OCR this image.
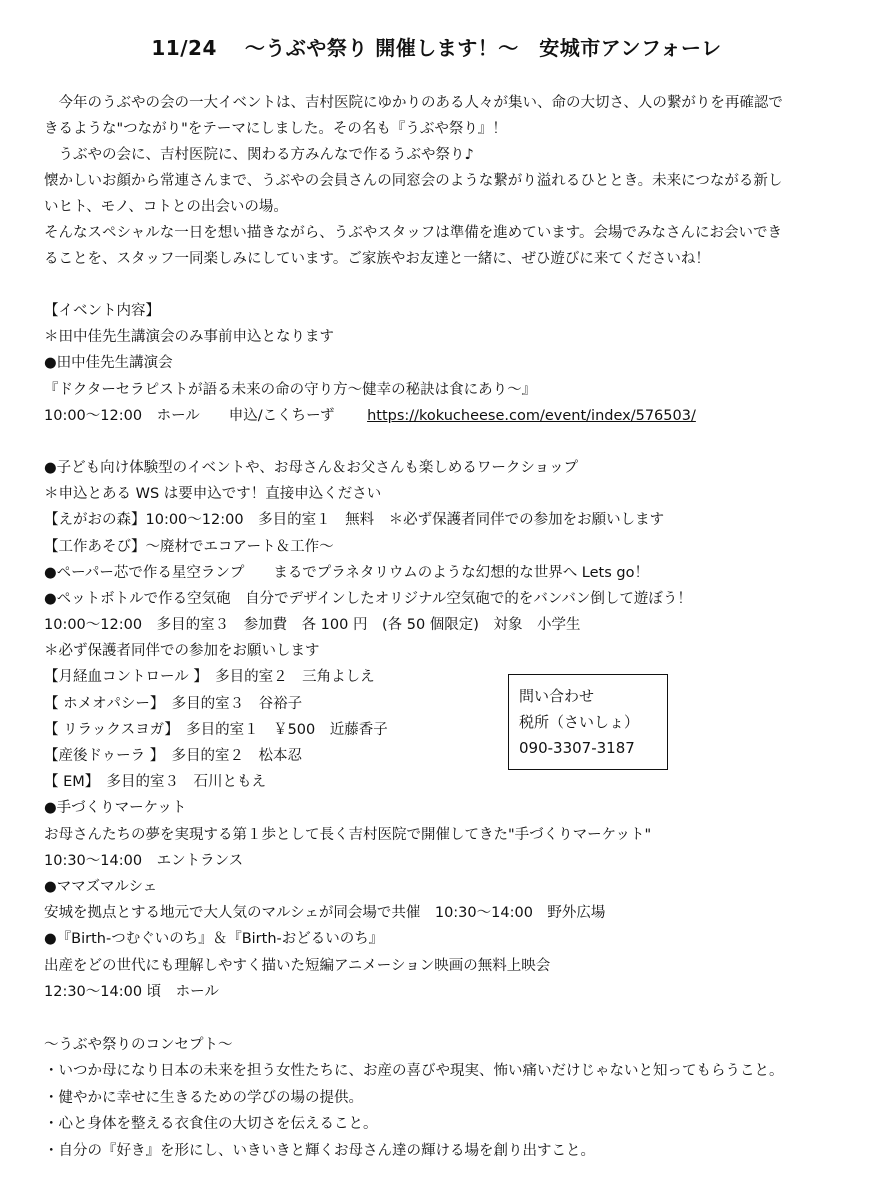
11/24　 ～うぶや祭り 開催します！～　安城市アンフォーレ
　今年のうぶやの会の一大イベントは、吉村医院にゆかりのある人々が集い、命の大切さ、人の繋がりを再確認で
きるような"つながり"をテーマにしました。その名も『うぶや祭り』！
　うぶやの会に、吉村医院に、関わる方みんなで作るうぶや祭り♪
懐かしいお顔から常連さんまで、うぶやの会員さんの同窓会のような繋がり溢れるひととき。未来につながる新し
いヒト、モノ、コトとの出会いの場。
そんなスペシャルな一日を想い描きながら、うぶやスタッフは準備を進めています。会場でみなさんにお会いでき
ることを、スタッフ一同楽しみにしています。ご家族やお友達と一緒に、ぜひ遊びに来てくださいね！
【イベント内容】
＊田中佳先生講演会のみ事前申込となります
●田中佳先生講演会
『ドクターセラピストが語る未来の命の守り方～健幸の秘訣は食にあり～』
10:00～12:00　ホール　　申込/こくちーず https://kokucheese.com/event/index/576503/
●子ども向け体験型のイベントや、お母さん＆お父さんも楽しめるワークショップ
＊申込とある WS は要申込です！直接申込ください
【えがおの森】10:00～12:00　多目的室１　無料　＊必ず保護者同伴での参加をお願いします
【工作あそび】～廃材でエコアート＆工作～
●ペーパー芯で作る星空ランプ　　まるでプラネタリウムのような幻想的な世界へ Lets go！
●ペットボトルで作る空気砲　自分でデザインしたオリジナル空気砲で的をバンバン倒して遊ぼう！
10:00～12:00　多目的室３　参加費　各 100 円　(各 50 個限定)　対象　小学生
＊必ず保護者同伴での参加をお願いします
【月経血コントロール 】　多目的室２　三角よしえ
【 ホメオパシー】　多目的室３　谷裕子
【 リラックスヨガ】　多目的室１　￥500　近藤香子
【産後ドゥーラ 】　多目的室２　松本忍
【 EM】　多目的室３　石川ともえ
●手づくりマーケット
お母さんたちの夢を実現する第１歩として長く吉村医院で開催してきた"手づくりマーケット"
10:30～14:00　エントランス
●ママズマルシェ
安城を拠点とする地元で大人気のマルシェが同会場で共催　10:30～14:00　野外広場
●『Birth-つむぐいのち』＆『Birth-おどるいのち』
出産をどの世代にも理解しやすく描いた短編アニメーション映画の無料上映会
12:30～14:00 頃　ホール
問い合わせ
税所（さいしょ）
090-3307-3187
～うぶや祭りのコンセプト～
・いつか母になり日本の未来を担う女性たちに、お産の喜びや現実、怖い痛いだけじゃないと知ってもらうこと。
・健やかに幸せに生きるための学びの場の提供。
・心と身体を整える衣食住の大切さを伝えること。
・自分の『好き』を形にし、いきいきと輝くお母さん達の輝ける場を創り出すこと。
